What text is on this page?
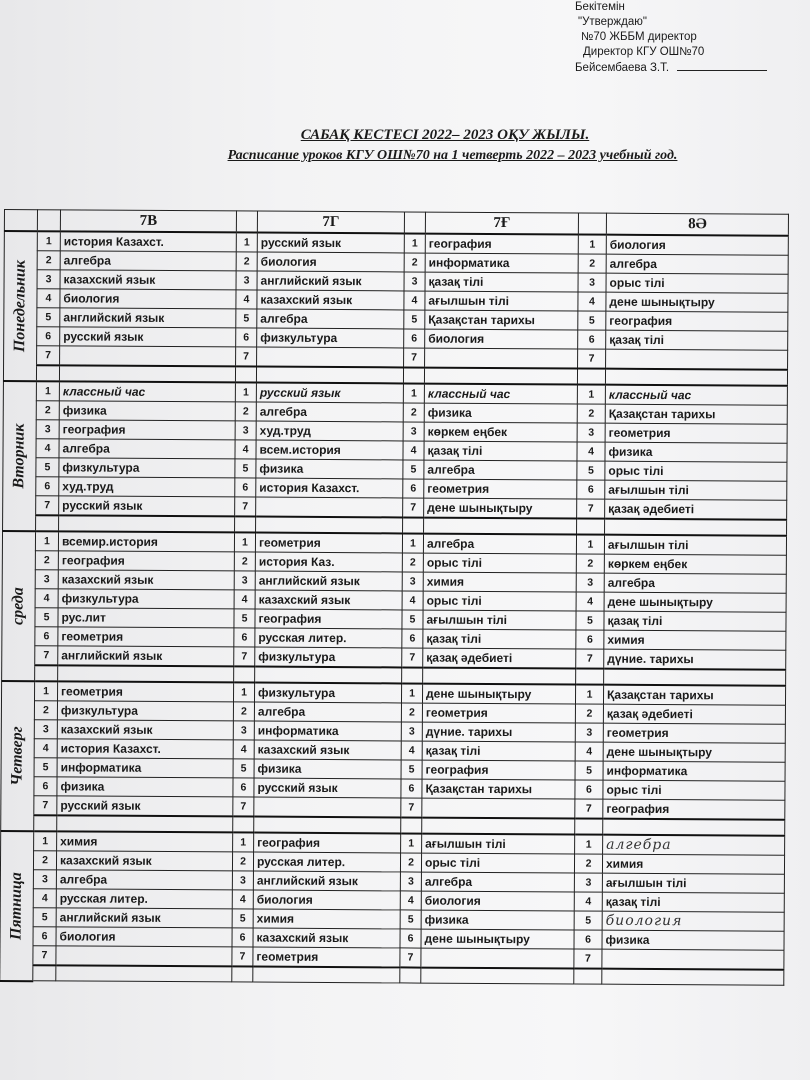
Бекітемін
"Утверждаю"
№70 ЖББМ директор
Директор КГУ ОШ№70
Бейсембаева З.Т.
САБАҚ КЕСТЕСІ 2022– 2023 ОҚУ ЖЫЛЫ.
Расписание уроков КГУ ОШ№70 на 1 четверть 2022 – 2023 учебный год.
		7В		7Г		7Ғ		8Ә

Понедельник	1	история Казахст.	1	русский язык	1	география	1	биология
	2	алгебра	2	биология	2	информатика	2	алгебра
	3	казахский язык	3	английский язык	3	қазақ тілі	3	орыс тілі
	4	биология	4	казахский язык	4	ағылшын тілі	4	дене шынықтыру
	5	английский язык	5	алгебра	5	Қазақстан тарихы	5	география
	6	русский язык	6	физкультура	6	биология	6	қазақ тілі
	7		7		7		7	

Вторник	1	классный час	1	русский язык	1	классный час	1	классный час
	2	физика	2	алгебра	2	физика	2	Қазақстан тарихы
	3	география	3	худ.труд	3	көркем еңбек	3	геометрия
	4	алгебра	4	всем.история	4	қазақ тілі	4	физика
	5	физкультура	5	физика	5	алгебра	5	орыс тілі
	6	худ.труд	6	история Казахст.	6	геометрия	6	ағылшын тілі
	7	русский язык	7		7	дене шынықтыру	7	қазақ әдебиеті

среда	1	всемир.история	1	геометрия	1	алгебра	1	ағылшын тілі
	2	география	2	история Каз.	2	орыс тілі	2	көркем еңбек
	3	казахский язык	3	английский язык	3	химия	3	алгебра
	4	физкультура	4	казахский язык	4	орыс тілі	4	дене шынықтыру
	5	рус.лит	5	география	5	ағылшын тілі	5	қазақ тілі
	6	геометрия	6	русская литер.	6	қазақ тілі	6	химия
	7	английский язык	7	физкультура	7	қазақ әдебиеті	7	дүние. тарихы

Четверг	1	геометрия	1	физкультура	1	дене шынықтыру	1	Қазақстан тарихы
	2	физкультура	2	алгебра	2	геометрия	2	қазақ әдебиеті
	3	казахский язык	3	информатика	3	дүние. тарихы	3	геометрия
	4	история Казахст.	4	казахский язык	4	қазақ тілі	4	дене шынықтыру
	5	информатика	5	физика	5	география	5	информатика
	6	физика	6	русский язык	6	Қазақстан тарихы	6	орыс тілі
	7	русский язык	7		7		7	география

Пятница	1	химия	1	география	1	ағылшын тілі	1	алгебра
	2	казахский язык	2	русская литер.	2	орыс тілі	2	химия
	3	алгебра	3	английский язык	3	алгебра	3	ағылшын тілі
	4	русская литер.	4	биология	4	биология	4	қазақ тілі
	5	английский язык	5	химия	5	физика	5	биология
	6	биология	6	казахский язык	6	дене шынықтыру	6	физика
	7		7	геометрия	7		7	
